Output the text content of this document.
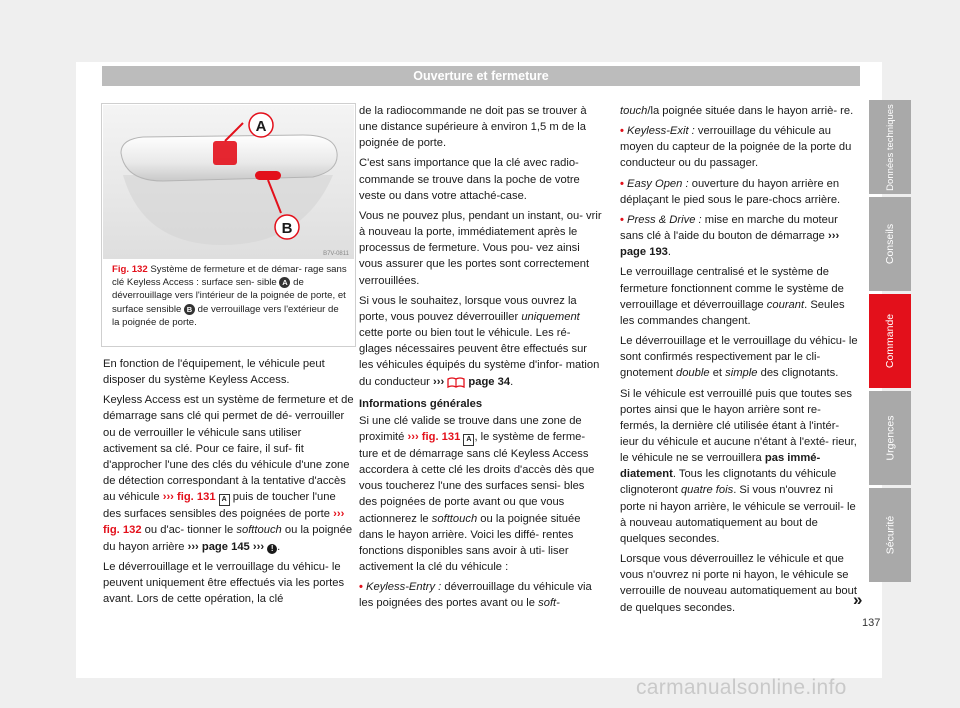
Ouverture et fermeture
Données techniques
Conseils
Commande
Urgences
Sécurité
A
B
B7V-0811
Fig. 132 Système de fermeture et de démar- rage sans clé Keyless Access : surface sen- sible A de déverrouillage vers l'intérieur de la poignée de porte, et surface sensible B de verrouillage vers l'extérieur de la poignée de porte.

En fonction de l'équipement, le véhicule peut disposer du système Keyless Access.

Keyless Access est un système de fermeture et de démarrage sans clé qui permet de dé- verrouiller ou de verrouiller le véhicule sans utiliser activement sa clé. Pour ce faire, il suf- fit d'approcher l'une des clés du véhicule d'une zone de détection correspondant à la tentative d'accès au véhicule ››› fig. 131 A puis de toucher l'une des surfaces sensibles des poignées de porte ››› fig. 132 ou d'ac- tionner le softtouch ou la poignée du hayon arrière ››› page 145 ››› ! .

Le déverrouillage et le verrouillage du véhicu- le peuvent uniquement être effectués via les portes avant. Lors de cette opération, la clé

de la radiocommande ne doit pas se trouver à une distance supérieure à environ 1,5 m de la poignée de porte.

C'est sans importance que la clé avec radio- commande se trouve dans la poche de votre veste ou dans votre attaché-case.

Vous ne pouvez plus, pendant un instant, ou- vrir à nouveau la porte, immédiatement après le processus de fermeture. Vous pou- vez ainsi vous assurer que les portes sont correctement verrouillées.

Si vous le souhaitez, lorsque vous ouvrez la porte, vous pouvez déverrouiller uniquement cette porte ou bien tout le véhicule. Les ré- glages nécessaires peuvent être effectués sur les véhicules équipés du système d'infor- mation du conducteur ››› page 34.

Informations générales

Si une clé valide se trouve dans une zone de proximité ››› fig. 131 A , le système de ferme- ture et de démarrage sans clé Keyless Access accordera à cette clé les droits d'accès dès que vous toucherez l'une des surfaces sensi- bles des poignées de porte avant ou que vous actionnerez le softtouch ou la poignée située dans le hayon arrière. Voici les diffé- rentes fonctions disponibles sans avoir à uti- liser activement la clé du véhicule :

• Keyless-Entry : déverrouillage du véhicule via les poignées des portes avant ou le soft-

touch/la poignée située dans le hayon arriè- re.

• Keyless-Exit : verrouillage du véhicule au moyen du capteur de la poignée de la porte du conducteur ou du passager.

• Easy Open : ouverture du hayon arrière en déplaçant le pied sous le pare-chocs arrière.

• Press & Drive : mise en marche du moteur sans clé à l'aide du bouton de démarrage ››› page 193.

Le verrouillage centralisé et le système de fermeture fonctionnent comme le système de verrouillage et déverrouillage courant. Seules les commandes changent.

Le déverrouillage et le verrouillage du véhicu- le sont confirmés respectivement par le cli- gnotement double et simple des clignotants.

Si le véhicule est verrouillé puis que toutes ses portes ainsi que le hayon arrière sont re- fermés, la dernière clé utilisée étant à l'intér- ieur du véhicule et aucune n'étant à l'exté- rieur, le véhicule ne se verrouillera pas immé- diatement. Tous les clignotants du véhicule clignoteront quatre fois. Si vous n'ouvrez ni porte ni hayon arrière, le véhicule se verrouil- le à nouveau automatiquement au bout de quelques secondes.

Lorsque vous déverrouillez le véhicule et que vous n'ouvrez ni porte ni hayon, le véhicule se verrouille de nouveau automatiquement au bout de quelques secondes.	»
137
carmanualsonline.info
